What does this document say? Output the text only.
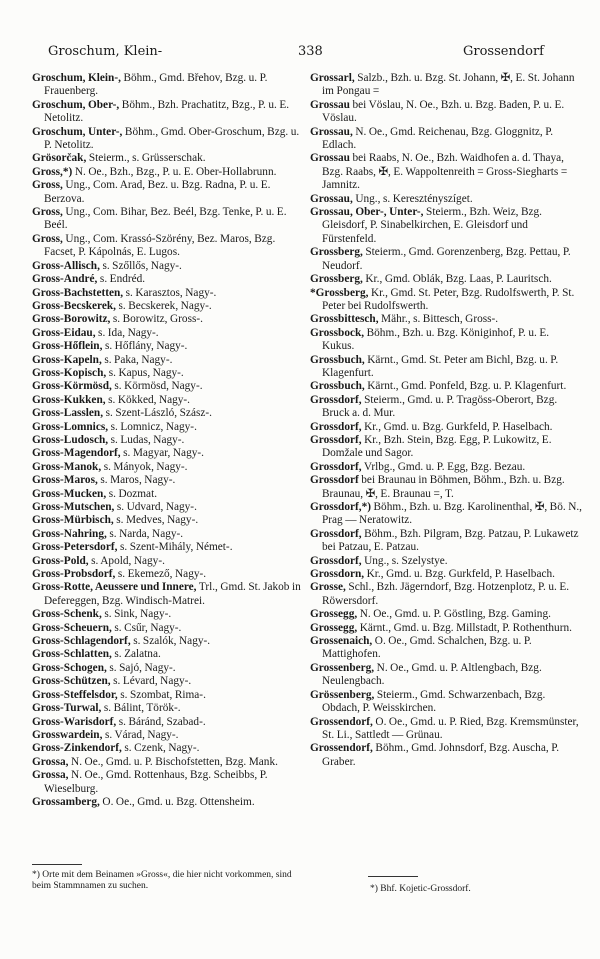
Groschum, Klein-	338	Grossendorf

Groschum, Klein-, Böhm., Gmd. Břehov, Bzg. u. P. Frauenberg.

Groschum, Ober-, Böhm., Bzh. Prachatitz, Bzg., P. u. E. Netolitz.

Groschum, Unter-, Böhm., Gmd. Ober-Groschum, Bzg. u. P. Netolitz.

Grösorčak, Steierm., s. Grüsserschak.

Gross,*) N. Oe., Bzh., Bzg., P. u. E. Ober-Hollabrunn.

Gross, Ung., Com. Arad, Bez. u. Bzg. Radna, P. u. E. Berzova.

Gross, Ung., Com. Bihar, Bez. Beél, Bzg. Tenke, P. u. E. Beél.

Gross, Ung., Com. Krassó-Szörény, Bez. Maros, Bzg. Facset, P. Kápolnás, E. Lugos.

Gross-Allisch, s. Szőllős, Nagy-.

Gross-André, s. Endréd.

Gross-Bachstetten, s. Karasztos, Nagy-.

Gross-Becskerek, s. Becskerek, Nagy-.

Gross-Borowitz, s. Borowitz, Gross-.

Gross-Eidau, s. Ida, Nagy-.

Gross-Hőflein, s. Hőflány, Nagy-.

Gross-Kapeln, s. Paka, Nagy-.

Gross-Kopisch, s. Kapus, Nagy-.

Gross-Körmösd, s. Körmösd, Nagy-.

Gross-Kukken, s. Kökked, Nagy-.

Gross-Lasslen, s. Szent-László, Szász-.

Gross-Lomnics, s. Lomnicz, Nagy-.

Gross-Ludosch, s. Ludas, Nagy-.

Gross-Magendorf, s. Magyar, Nagy-.

Gross-Manok, s. Mányok, Nagy-.

Gross-Maros, s. Maros, Nagy-.

Gross-Mucken, s. Dozmat.

Gross-Mutschen, s. Udvard, Nagy-.

Gross-Mürbisch, s. Medves, Nagy-.

Gross-Nahring, s. Narda, Nagy-.

Gross-Petersdorf, s. Szent-Mihály, Német-.

Gross-Pold, s. Apold, Nagy-.

Gross-Probsdorf, s. Ekemező, Nagy-.

Gross-Rotte, Aeussere und Innere, Trl., Gmd. St. Jakob in Defereggen, Bzg. Windisch-Matrei.

Gross-Schenk, s. Sink, Nagy-.

Gross-Scheuern, s. Csűr, Nagy-.

Gross-Schlagendorf, s. Szalók, Nagy-.

Gross-Schlatten, s. Zalatna.

Gross-Schogen, s. Sajó, Nagy-.

Gross-Schützen, s. Lévard, Nagy-.

Gross-Steffelsdor, s. Szombat, Rima-.

Gross-Turwal, s. Bálint, Török-.

Gross-Warisdorf, s. Báránd, Szabad-.

Grosswardein, s. Várad, Nagy-.

Gross-Zinkendorf, s. Czenk, Nagy-.

Grossa, N. Oe., Gmd. u. P. Bischofstetten, Bzg. Mank.

Grossa, N. Oe., Gmd. Rottenhaus, Bzg. Scheibbs, P. Wieselburg.

Grossamberg, O. Oe., Gmd. u. Bzg. Ottensheim.

Grossarl, Salzb., Bzh. u. Bzg. St. Johann, ✠, E. St. Johann im Pongau =

Grossau bei Vöslau, N. Oe., Bzh. u. Bzg. Baden, P. u. E. Vöslau.

Grossau, N. Oe., Gmd. Reichenau, Bzg. Gloggnitz, P. Edlach.

Grossau bei Raabs, N. Oe., Bzh. Waidhofen a. d. Thaya, Bzg. Raabs, ✠, E. Wappoltenreith = Gross-Siegharts = Jamnitz.

Grossau, Ung., s. Keresztényszíget.

Grossau, Ober-, Unter-, Steierm., Bzh. Weiz, Bzg. Gleisdorf, P. Sinabelkirchen, E. Gleisdorf und Fürstenfeld.

Grossberg, Steierm., Gmd. Gorenzenberg, Bzg. Pettau, P. Neudorf.

Grossberg, Kr., Gmd. Oblák, Bzg. Laas, P. Lauritsch.

*Grossberg, Kr., Gmd. St. Peter, Bzg. Rudolfswerth, P. St. Peter bei Rudolfswerth.

Grossbittesch, Mähr., s. Bittesch, Gross-.

Grossbock, Böhm., Bzh. u. Bzg. Königinhof, P. u. E. Kukus.

Grossbuch, Kärnt., Gmd. St. Peter am Bichl, Bzg. u. P. Klagenfurt.

Grossbuch, Kärnt., Gmd. Ponfeld, Bzg. u. P. Klagenfurt.

Grossdorf, Steierm., Gmd. u. P. Tragöss-Oberort, Bzg. Bruck a. d. Mur.

Grossdorf, Kr., Gmd. u. Bzg. Gurkfeld, P. Haselbach.

Grossdorf, Kr., Bzh. Stein, Bzg. Egg, P. Lukowitz, E. Domžale und Sagor.

Grossdorf, Vrlbg., Gmd. u. P. Egg, Bzg. Bezau.

Grossdorf bei Braunau in Böhmen, Böhm., Bzh. u. Bzg. Braunau, ✠, E. Braunau =, T.

Grossdorf,*) Böhm., Bzh. u. Bzg. Karolinenthal, ✠, Bö. N., Prag — Neratowitz.

Grossdorf, Böhm., Bzh. Pilgram, Bzg. Patzau, P. Lukawetz bei Patzau, E. Patzau.

Grossdorf, Ung., s. Szelystye.

Grossdorn, Kr., Gmd. u. Bzg. Gurkfeld, P. Haselbach.

Grosse, Schl., Bzh. Jägerndorf, Bzg. Hotzenplotz, P. u. E. Röwersdorf.

Grossegg, N. Oe., Gmd. u. P. Göstling, Bzg. Gaming.

Grossegg, Kärnt., Gmd. u. Bzg. Millstadt, P. Rothenthurn.

Grossenaich, O. Oe., Gmd. Schalchen, Bzg. u. P. Mattighofen.

Grossenberg, N. Oe., Gmd. u. P. Altlengbach, Bzg. Neulengbach.

Grössenberg, Steierm., Gmd. Schwarzenbach, Bzg. Obdach, P. Weisskirchen.

Grossendorf, O. Oe., Gmd. u. P. Ried, Bzg. Kremsmünster, St. Li., Sattledt — Grünau.

Grossendorf, Böhm., Gmd. Johnsdorf, Bzg. Auscha, P. Graber.

*) Orte mit dem Beinamen »Gross«, die hier nicht vorkommen, sind beim Stammnamen zu suchen.	*) Bhf. Kojetic-Grossdorf.
